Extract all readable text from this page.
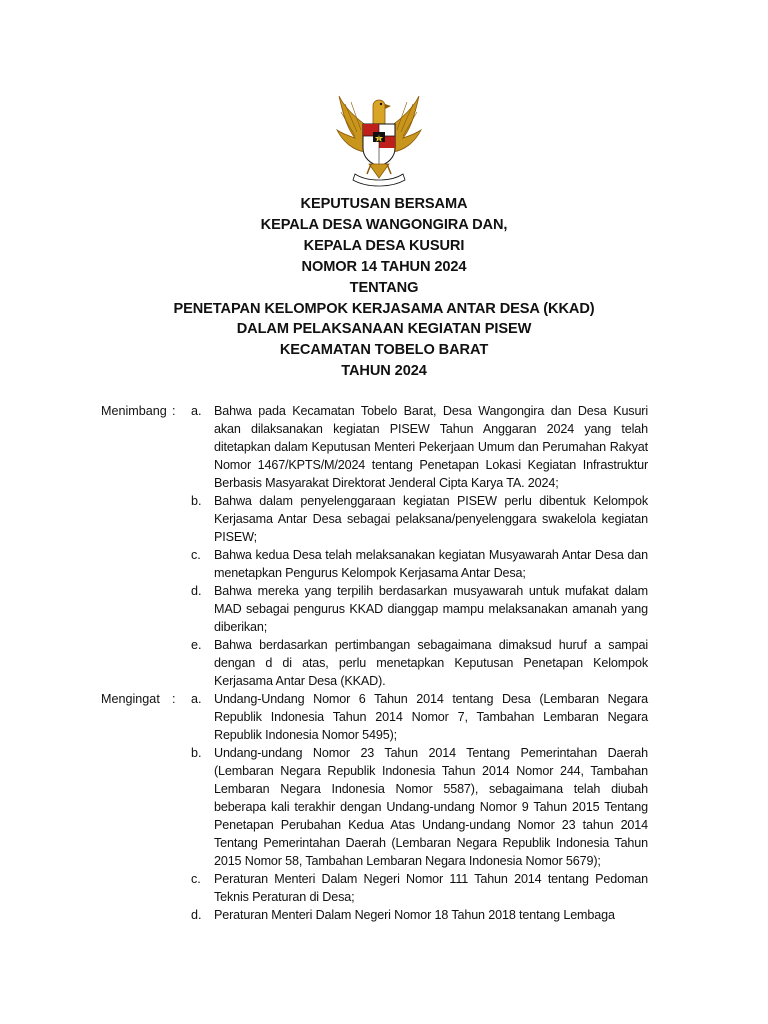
KEPUTUSAN BERSAMA
KEPALA DESA WANGONGIRA DAN,
KEPALA DESA KUSURI
NOMOR 14 TAHUN 2024
TENTANG
PENETAPAN KELOMPOK KERJASAMA ANTAR DESA (KKAD)
DALAM PELAKSANAAN KEGIATAN PISEW
KECAMATAN TOBELO BARAT
TAHUN 2024
Menimbang : a. Bahwa pada Kecamatan Tobelo Barat, Desa Wangongira dan Desa Kusuri akan dilaksanakan kegiatan PISEW Tahun Anggaran 2024 yang telah ditetapkan dalam Keputusan Menteri Pekerjaan Umum dan Perumahan Rakyat Nomor 1467/KPTS/M/2024 tentang Penetapan Lokasi Kegiatan Infrastruktur Berbasis Masyarakat Direktorat Jenderal Cipta Karya TA. 2024;
b. Bahwa dalam penyelenggaraan kegiatan PISEW perlu dibentuk Kelompok Kerjasama Antar Desa sebagai pelaksana/penyelenggara swakelola kegiatan PISEW;
c. Bahwa kedua Desa telah melaksanakan kegiatan Musyawarah Antar Desa dan menetapkan Pengurus Kelompok Kerjasama Antar Desa;
d. Bahwa mereka yang terpilih berdasarkan musyawarah untuk mufakat dalam MAD sebagai pengurus KKAD dianggap mampu melaksanakan amanah yang diberikan;
e. Bahwa berdasarkan pertimbangan sebagaimana dimaksud huruf a sampai dengan d di atas, perlu menetapkan Keputusan Penetapan Kelompok Kerjasama Antar Desa (KKAD).
Mengingat : a. Undang-Undang Nomor 6 Tahun 2014 tentang Desa (Lembaran Negara Republik Indonesia Tahun 2014 Nomor 7, Tambahan Lembaran Negara Republik Indonesia Nomor 5495);
b. Undang-undang Nomor 23 Tahun 2014 Tentang Pemerintahan Daerah (Lembaran Negara Republik Indonesia Tahun 2014 Nomor 244, Tambahan Lembaran Negara Indonesia Nomor 5587), sebagaimana telah diubah beberapa kali terakhir dengan Undang-undang Nomor 9 Tahun 2015 Tentang Penetapan Perubahan Kedua Atas Undang-undang Nomor 23 tahun 2014 Tentang Pemerintahan Daerah (Lembaran Negara Republik Indonesia Tahun 2015 Nomor 58, Tambahan Lembaran Negara Indonesia Nomor 5679);
c. Peraturan Menteri Dalam Negeri Nomor 111 Tahun 2014 tentang Pedoman Teknis Peraturan di Desa;
d. Peraturan Menteri Dalam Negeri Nomor 18 Tahun 2018 tentang Lembaga
